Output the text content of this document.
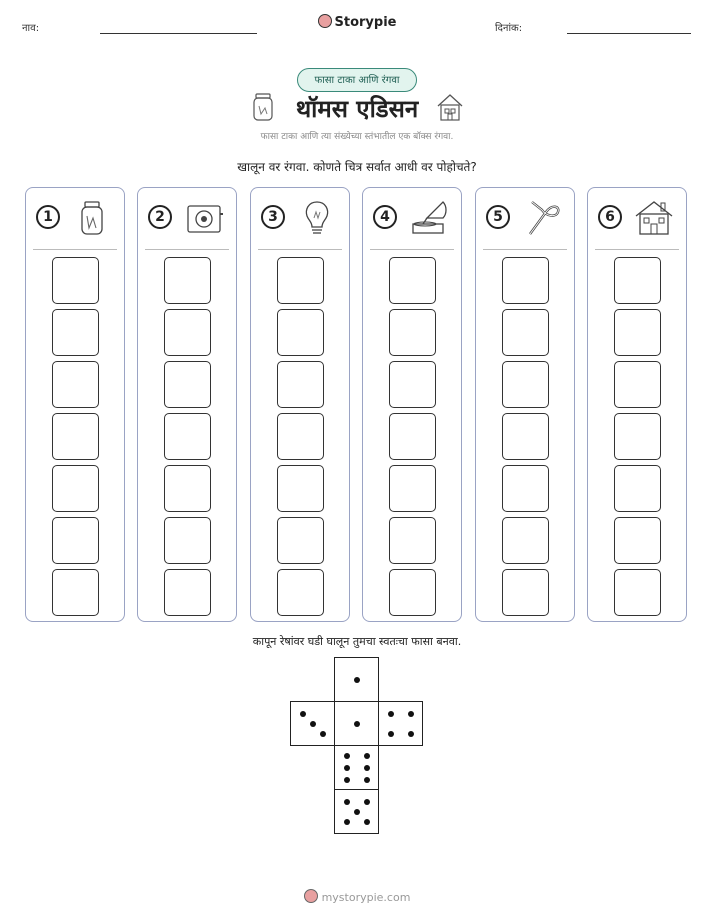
नाव:	Storypie	दिनांक:
फासा टाका आणि रंगवा
थॉमस एडिसन
फासा टाका आणि त्या संख्येच्या स्तंभातील एक बॉक्स रंगवा.
खालून वर रंगवा. कोणते चित्र सर्वात आधी वर पोहोचते?
1	2	3	4	5	6
कापून रेषांवर घडी घालून तुमचा स्वतःचा फासा बनवा.
mystorypie.com
